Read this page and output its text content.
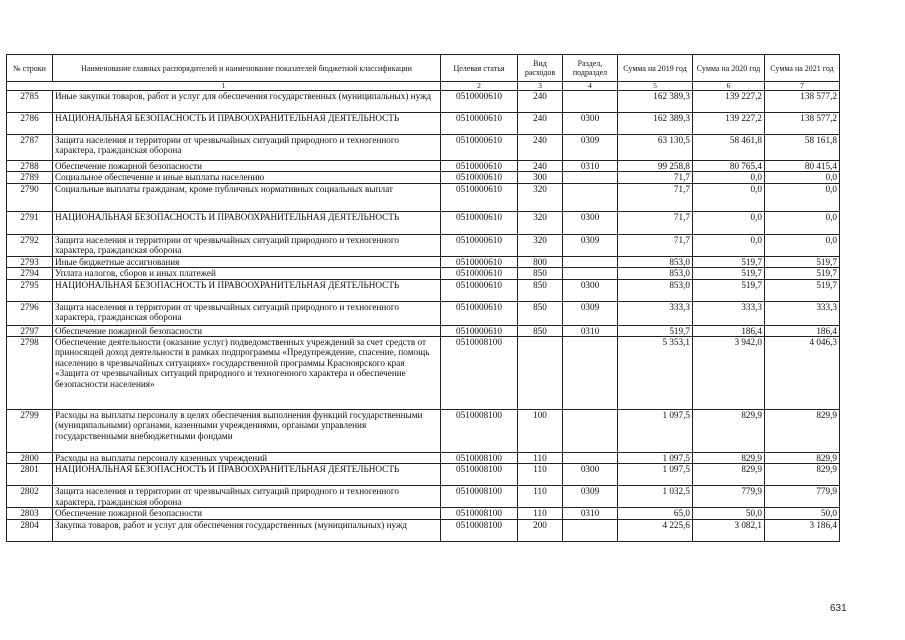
№ строки	Наименование главных распорядителей и наименование показателей бюджетной классификации	Целевая статья	Вид расходов	Раздел, подраздел	Сумма на 2019 год	Сумма на 2020 год	Сумма на 2021 год
1		2	3	4	5	6	7
2785	Иные закупки товаров, работ и услуг для обеспечения государственных (муниципальных) нужд	0510000610	240		162 389,3	139 227,2	138 577,2
2786	НАЦИОНАЛЬНАЯ БЕЗОПАСНОСТЬ И ПРАВООХРАНИТЕЛЬНАЯ ДЕЯТЕЛЬНОСТЬ	0510000610	240	0300	162 389,3	139 227,2	138 577,2
2787	Защита населения и территории от чрезвычайных ситуаций природного и техногенного характера, гражданская оборона	0510000610	240	0309	63 130,5	58 461,8	58 161,8
2788	Обеспечение пожарной безопасности	0510000610	240	0310	99 258,8	80 765,4	80 415,4
2789	Социальное обеспечение и иные выплаты населению	0510000610	300		71,7	0,0	0,0
2790	Социальные выплаты гражданам, кроме публичных нормативных социальных выплат	0510000610	320		71,7	0,0	0,0
2791	НАЦИОНАЛЬНАЯ БЕЗОПАСНОСТЬ И ПРАВООХРАНИТЕЛЬНАЯ ДЕЯТЕЛЬНОСТЬ	0510000610	320	0300	71,7	0,0	0,0
2792	Защита населения и территории от чрезвычайных ситуаций природного и техногенного характера, гражданская оборона	0510000610	320	0309	71,7	0,0	0,0
2793	Иные бюджетные ассигнования	0510000610	800		853,0	519,7	519,7
2794	Уплата налогов, сборов и иных платежей	0510000610	850		853,0	519,7	519,7
2795	НАЦИОНАЛЬНАЯ БЕЗОПАСНОСТЬ И ПРАВООХРАНИТЕЛЬНАЯ ДЕЯТЕЛЬНОСТЬ	0510000610	850	0300	853,0	519,7	519,7
2796	Защита населения и территории от чрезвычайных ситуаций природного и техногенного характера, гражданская оборона	0510000610	850	0309	333,3	333,3	333,3
2797	Обеспечение пожарной безопасности	0510000610	850	0310	519,7	186,4	186,4
2798	Обеспечение деятельности (оказание услуг) подведомственных учреждений за счет средств от приносящей доход деятельности в рамках подпрограммы «Предупреждение, спасение, помощь населению в чрезвычайных ситуациях» государственной программы Красноярского края «Защита от чрезвычайных ситуаций природного и техногенного характера и обеспечение безопасности населения»	0510008100			5 353,1	3 942,0	4 046,3
2799	Расходы на выплаты персоналу в целях обеспечения выполнения функций государственными (муниципальными) органами, казенными учреждениями, органами управления государственными внебюджетными фондами	0510008100	100		1 097,5	829,9	829,9
2800	Расходы на выплаты персоналу казенных учреждений	0510008100	110		1 097,5	829,9	829,9
2801	НАЦИОНАЛЬНАЯ БЕЗОПАСНОСТЬ И ПРАВООХРАНИТЕЛЬНАЯ ДЕЯТЕЛЬНОСТЬ	0510008100	110	0300	1 097,5	829,9	829,9
2802	Защита населения и территории от чрезвычайных ситуаций природного и техногенного характера, гражданская оборона	0510008100	110	0309	1 032,5	779,9	779,9
2803	Обеспечение пожарной безопасности	0510008100	110	0310	65,0	50,0	50,0
2804	Закупка товаров, работ и услуг для обеспечения государственных (муниципальных) нужд	0510008100	200		4 225,6	3 082,1	3 186,4
631
